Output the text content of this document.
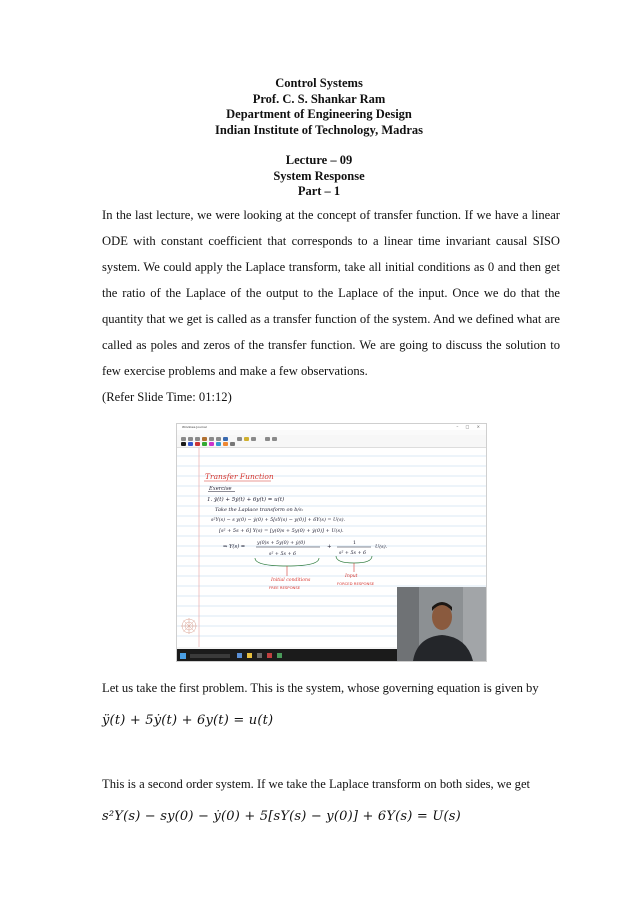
Control Systems
Prof. C. S. Shankar Ram
Department of Engineering Design
Indian Institute of Technology, Madras
Lecture – 09
System Response
Part – 1

In the last lecture, we were looking at the concept of transfer function. If we have a linear ODE with constant coefficient that corresponds to a linear time invariant causal SISO system. We could apply the Laplace transform, take all initial conditions as 0 and then get the ratio of the Laplace of the output to the Laplace of the input. Once we do that the quantity that we get is called as a transfer function of the system. And we defined what are called as poles and zeros of the transfer function. We are going to discuss the solution to few exercise problems and make a few observations.

(Refer Slide Time: 01:12)

Windows Journal	– □ ×
Transfer Function
Exercise
1. ÿ(t) + 5ẏ(t) + 6y(t) = u(t)
Take the Laplace transform on b/s:
s²Y(s) − s y(0) − ẏ(0) + 5[sY(s) − y(0)] + 6Y(s) = U(s).
[s² + 5s + 6] Y(s) = [y(0)s + 5y(0) + ẏ(0)] + U(s).
⇒ Y(s) =
y(0)s + 5y(0) + ẏ(0)
s² + 5s + 6
+
1
s² + 5s + 6
U(s).
Initial conditions
FREE RESPONSE
Input
FORCED RESPONSE

Let us take the first problem. This is the system, whose governing equation is given by

ÿ(t) + 5ẏ(t) + 6y(t) = u(t)

This is a second order system. If we take the Laplace transform on both sides, we get

s²Y(s) − sy(0) − ẏ(0) + 5[sY(s) − y(0)] + 6Y(s) = U(s)
